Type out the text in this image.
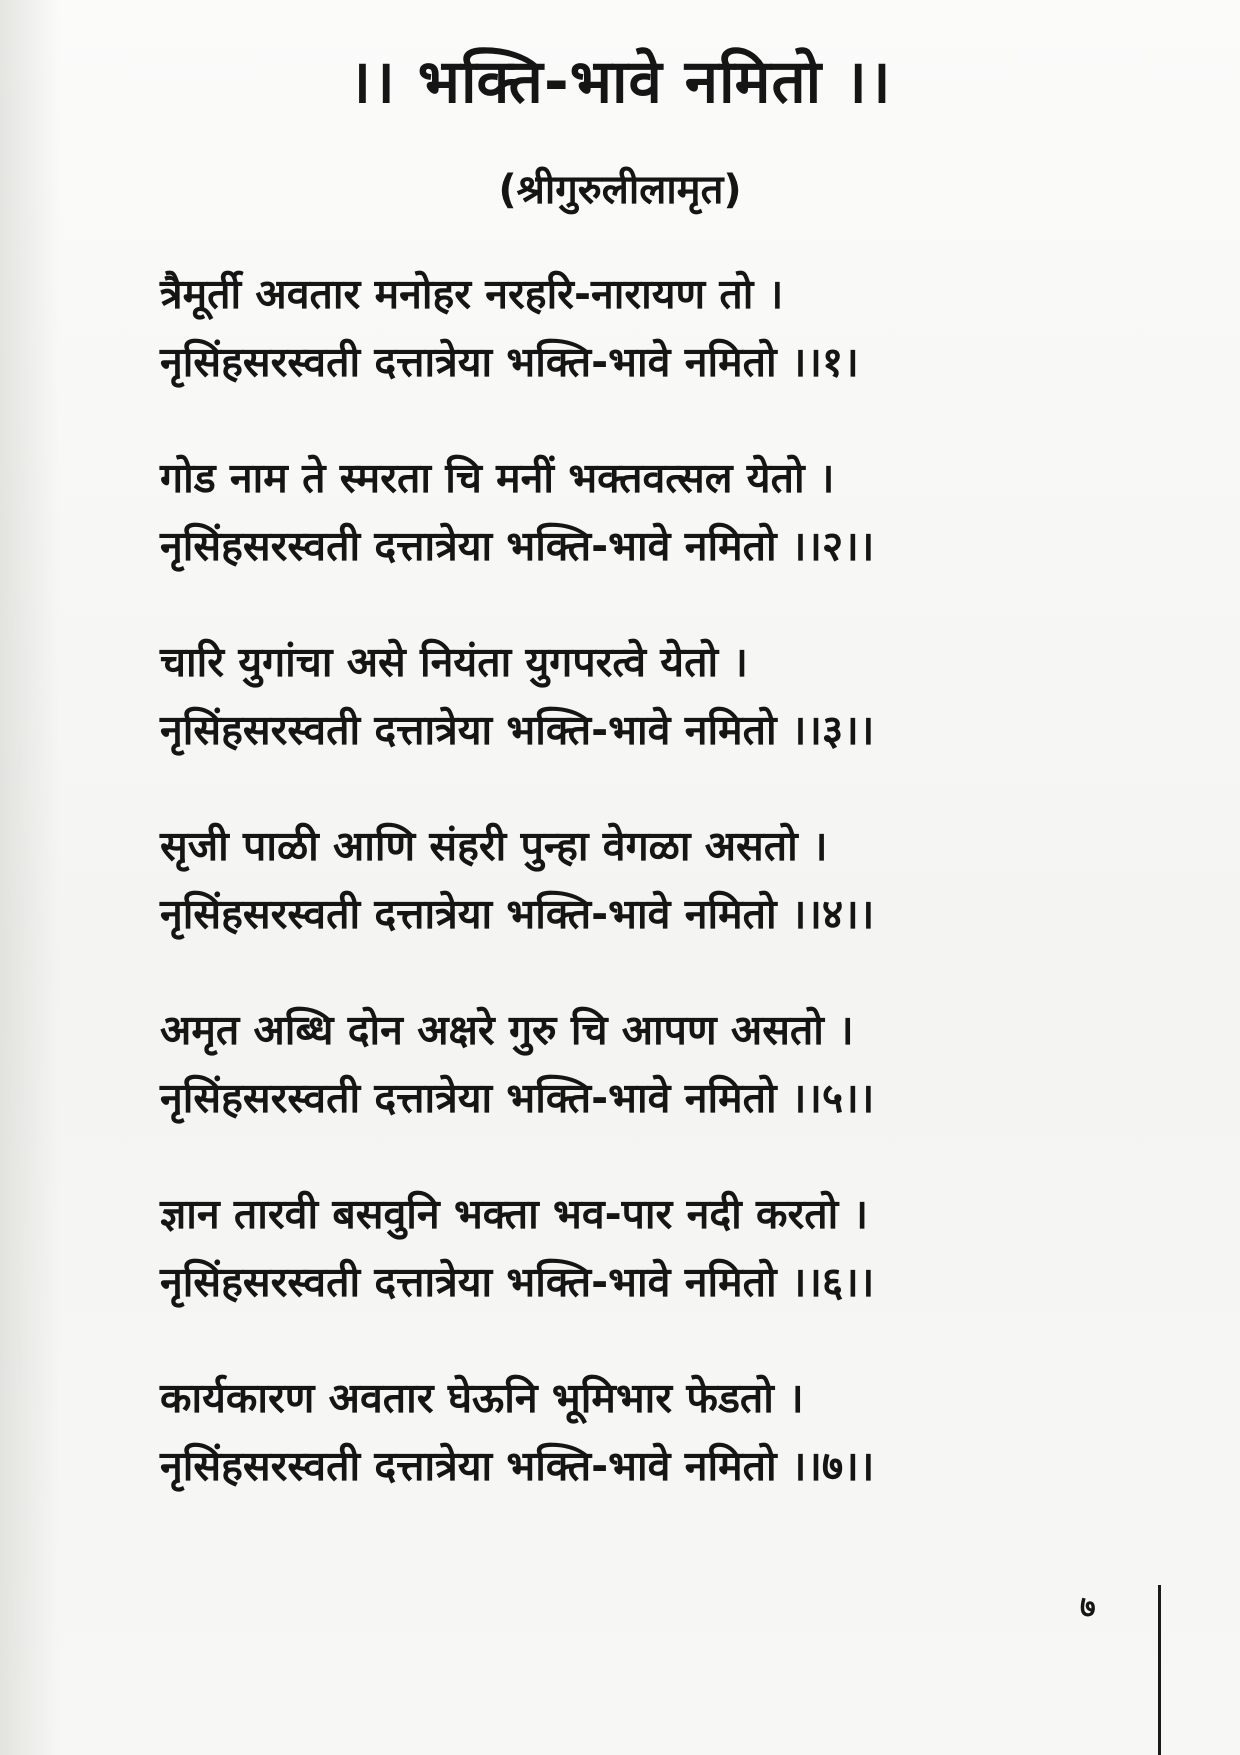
।। भक्ति-भावे नमितो ।।
(श्रीगुरुलीलामृत)
त्रैमूर्ती अवतार मनोहर नरहरि-नारायण तो ।
नृसिंहसरस्वती दत्तात्रेया भक्ति-भावे नमितो ।।१।
गोड नाम ते स्मरता चि मनीं भक्तवत्सल येतो ।
नृसिंहसरस्वती दत्तात्रेया भक्ति-भावे नमितो ।।२।।
चारि युगांचा असे नियंता युगपरत्वे येतो ।
नृसिंहसरस्वती दत्तात्रेया भक्ति-भावे नमितो ।।३।।
सृजी पाळी आणि संहरी पुन्हा वेगळा असतो ।
नृसिंहसरस्वती दत्तात्रेया भक्ति-भावे नमितो ।।४।।
अमृत अब्धि दोन अक्षरे गुरु चि आपण असतो ।
नृसिंहसरस्वती दत्तात्रेया भक्ति-भावे नमितो ।।५।।
ज्ञान तारवी बसवुनि भक्ता भव-पार नदी करतो ।
नृसिंहसरस्वती दत्तात्रेया भक्ति-भावे नमितो ।।६।।
कार्यकारण अवतार घेऊनि भूमिभार फेडतो ।
नृसिंहसरस्वती दत्तात्रेया भक्ति-भावे नमितो ।।७।।
७
